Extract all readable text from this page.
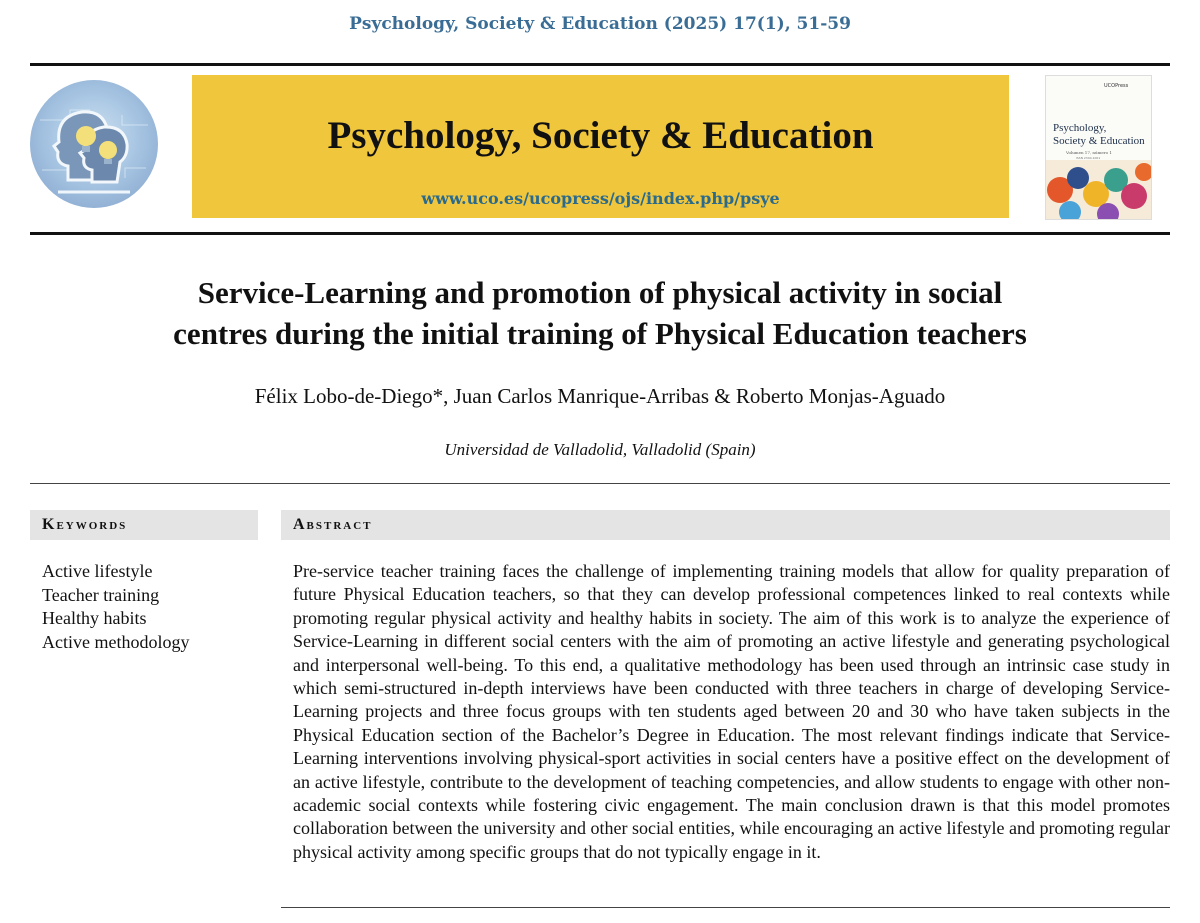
Psychology, Society & Education (2025) 17(1), 51-59
Psychology, Society & Education
www.uco.es/ucopress/ojs/index.php/psye
UCOPress
Psychology,
Society & Education
Volumen 17, número 1
ISSN 2340-1001
Service-Learning and promotion of physical activity in social
centres during the initial training of Physical Education teachers
Félix Lobo-de-Diego*, Juan Carlos Manrique-Arribas & Roberto Monjas-Aguado
Universidad de Valladolid, Valladolid (Spain)
Keywords	Abstract
Active lifestyle
Teacher training
Healthy habits
Active methodology
Pre-service teacher training faces the challenge of implementing training models that allow for quality preparation of future Physical Education teachers, so that they can develop professional competences linked to real contexts while promoting regular physical activity and healthy habits in society. The aim of this work is to analyze the experience of Service-Learning in different social centers with the aim of promoting an active lifestyle and generating psychological and interpersonal well-being. To this end, a qualitative methodology has been used through an intrinsic case study in which semi-structured in-depth interviews have been conducted with three teachers in charge of developing Service-Learning projects and three focus groups with ten students aged between 20 and 30 who have taken subjects in the Physical Education section of the Bachelor’s Degree in Education. The most relevant findings indicate that Service-Learning interventions involving physical-sport activities in social centers have a positive effect on the development of an active lifestyle, contribute to the development of teaching competencies, and allow students to engage with other non-academic social contexts while fostering civic engagement. The main conclusion drawn is that this model promotes collaboration between the university and other social entities, while encouraging an active lifestyle and promoting regular physical activity among specific groups that do not typically engage in it.
